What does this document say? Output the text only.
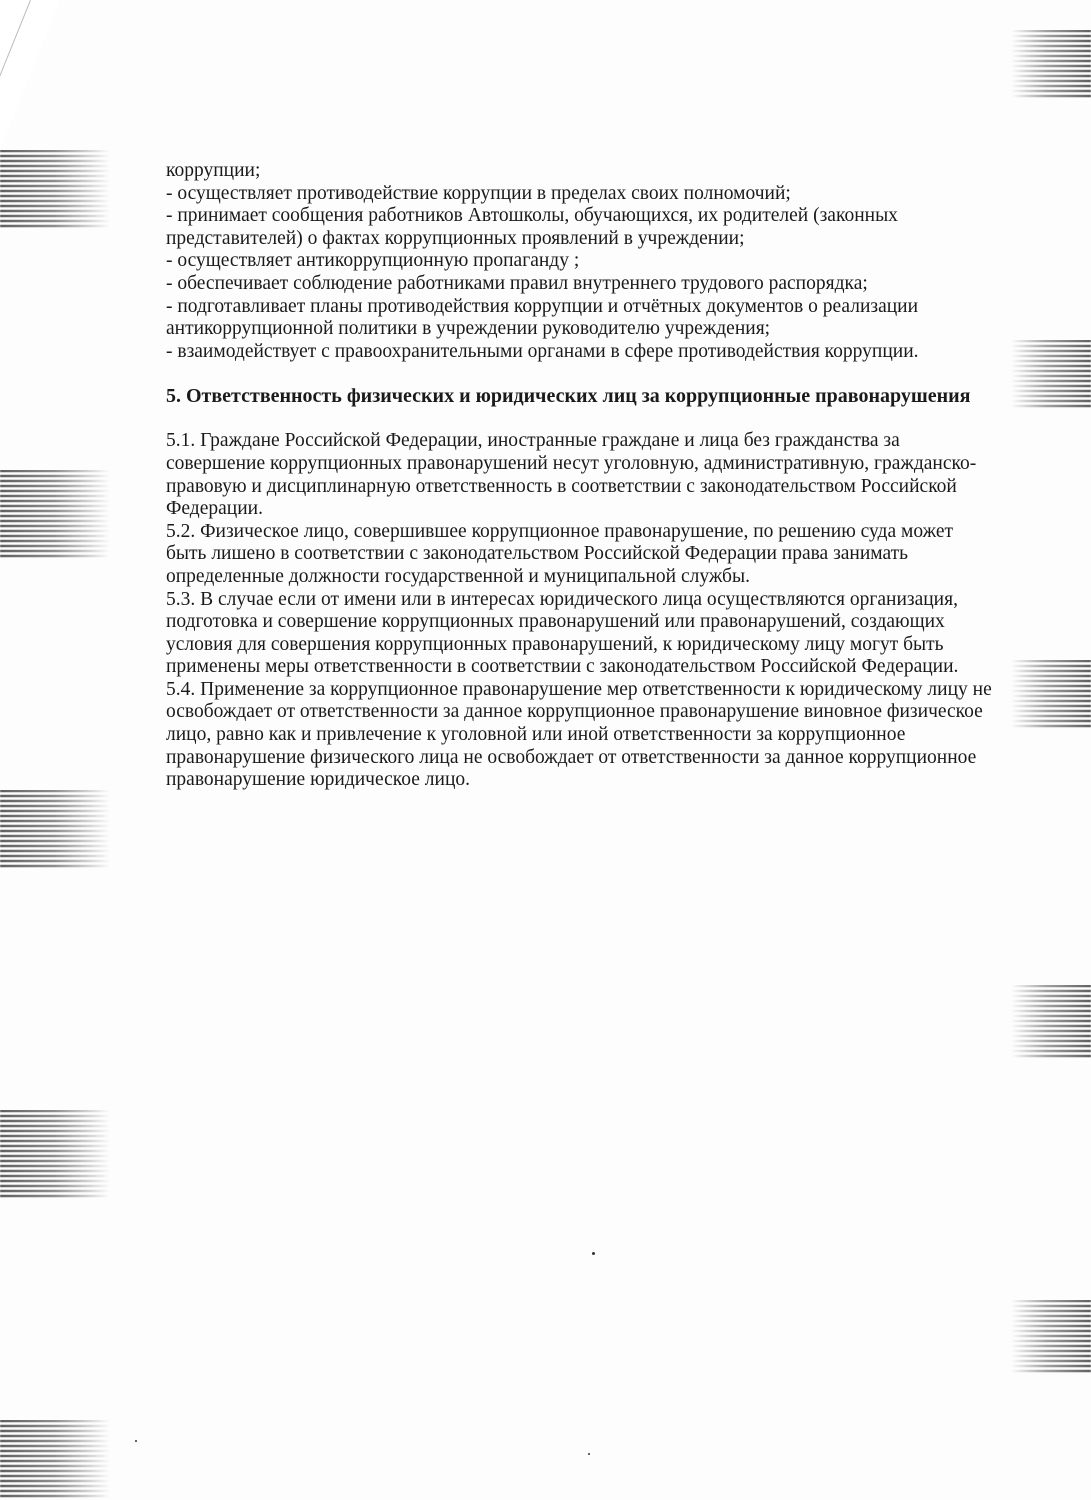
коррупции;

- осуществляет противодействие коррупции в пределах своих полномочий;

- принимает сообщения работников Автошколы, обучающихся, их родителей (законных представителей) о фактах коррупционных проявлений в учреждении;

- осуществляет антикоррупционную пропаганду ;

- обеспечивает соблюдение работниками правил внутреннего трудового распорядка;

- подготавливает планы противодействия коррупции и отчётных документов о реализации антикоррупционной политики в учреждении руководителю учреждения;

- взаимодействует с правоохранительными органами в сфере противодействия коррупции.

5. Ответственность физических и юридических лиц за коррупционные правонарушения

5.1. Граждане Российской Федерации, иностранные граждане и лица без гражданства за совершение коррупционных правонарушений несут уголовную, административную, гражданско-правовую и дисциплинарную ответственность в соответствии с законодательством Российской Федерации.

5.2. Физическое лицо, совершившее коррупционное правонарушение, по решению суда может быть лишено в соответствии с законодательством Российской Федерации права занимать определенные должности государственной и муниципальной службы.

5.3. В случае если от имени или в интересах юридического лица осуществляются организация, подготовка и совершение коррупционных правонарушений или правонарушений, создающих условия для совершения коррупционных правонарушений, к юридическому лицу могут быть применены меры ответственности в соответствии с законодательством Российской Федерации.

5.4. Применение за коррупционное правонарушение мер ответственности к юридическому лицу не освобождает от ответственности за данное коррупционное правонарушение виновное физическое лицо, равно как и привлечение к уголовной или иной ответственности за коррупционное правонарушение физического лица не освобождает от ответственности за данное коррупционное правонарушение юридическое лицо.
